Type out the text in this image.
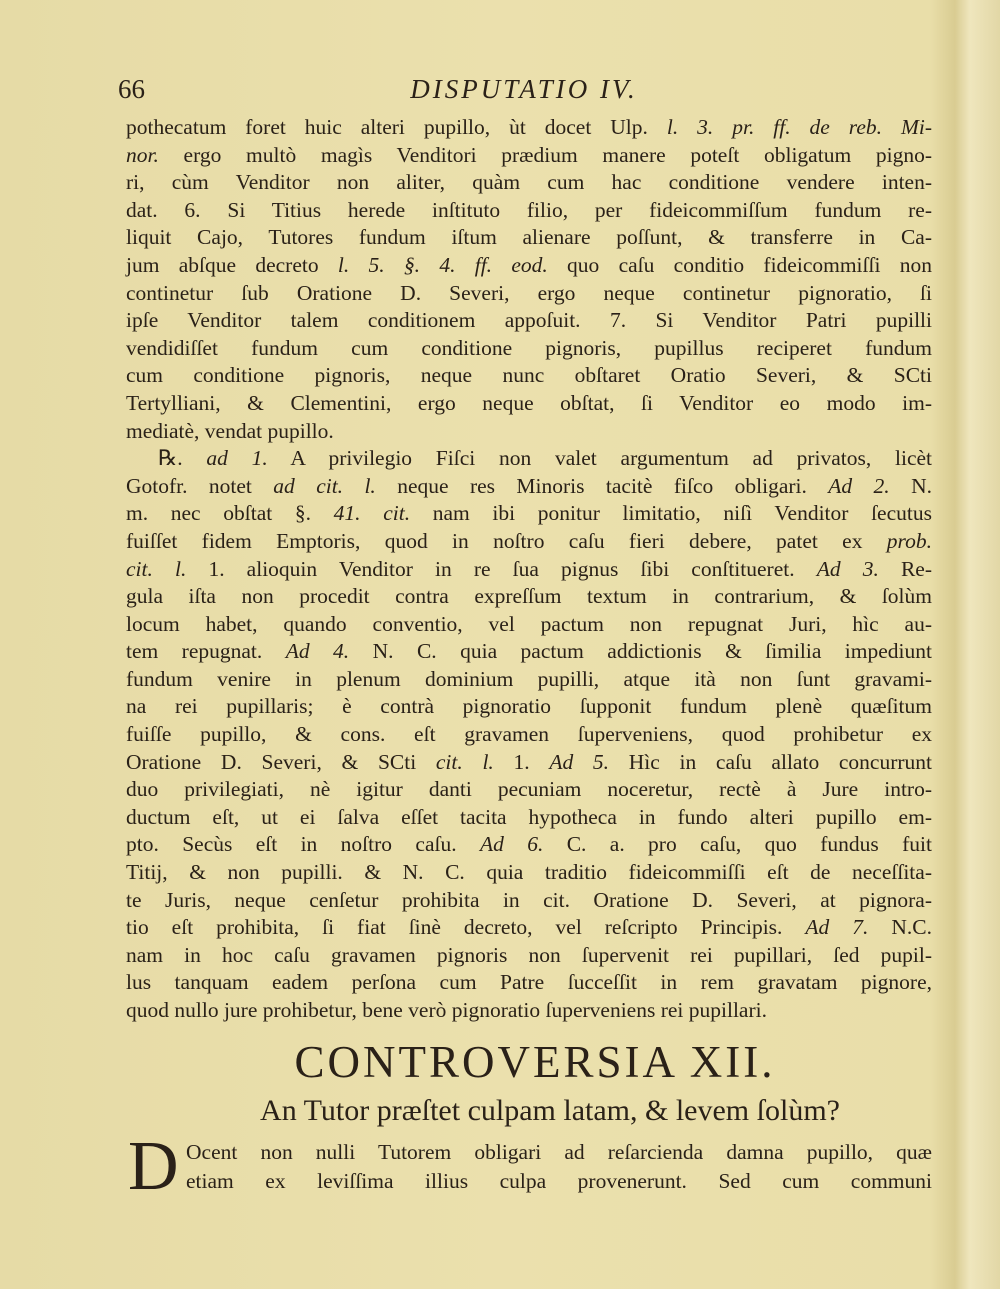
66	DISPUTATIO IV.
pothecatum foret huic alteri pupillo, ùt docet Ulp. l. 3. pr. ff. de reb. Mi-
nor. ergo multò magìs Venditori prædium manere poteſt obligatum pigno-
ri, cùm Venditor non aliter, quàm cum hac conditione vendere inten-
dat. 6. Si Titius herede inſtituto filio, per fideicommiſſum fundum re-
liquit Cajo, Tutores fundum iſtum alienare poſſunt, & transferre in Ca-
jum abſque decreto l. 5. §. 4. ff. eod. quo caſu conditio fideicommiſſi non
continetur ſub Oratione D. Severi, ergo neque continetur pignoratio, ſi
ipſe Venditor talem conditionem appoſuit. 7. Si Venditor Patri pupilli
vendidiſſet fundum cum conditione pignoris, pupillus reciperet fundum
cum conditione pignoris, neque nunc obſtaret Oratio Severi, & SCti
Tertylliani, & Clementini, ergo neque obſtat, ſi Venditor eo modo im-
mediatè, vendat pupillo.
℞. ad 1. A privilegio Fiſci non valet argumentum ad privatos, licèt
Gotofr. notet ad cit. l. neque res Minoris tacitè fiſco obligari. Ad 2. N.
m. nec obſtat §. 41. cit. nam ibi ponitur limitatio, niſì Venditor ſecutus
fuiſſet fidem Emptoris, quod in noſtro caſu fieri debere, patet ex prob.
cit. l. 1. alioquin Venditor in re ſua pignus ſibi conſtitueret. Ad 3. Re-
gula iſta non procedit contra expreſſum textum in contrarium, & ſolùm
locum habet, quando conventio, vel pactum non repugnat Juri, hìc au-
tem repugnat. Ad 4. N. C. quia pactum addictionis & ſimilia impediunt
fundum venire in plenum dominium pupilli, atque ità non ſunt gravami-
na rei pupillaris; è contrà pignoratio ſupponit fundum plenè quæſitum
fuiſſe pupillo, & cons. eſt gravamen ſuperveniens, quod prohibetur ex
Oratione D. Severi, & SCti cit. l. 1. Ad 5. Hìc in caſu allato concurrunt
duo privilegiati, nè igitur danti pecuniam noceretur, rectè à Jure intro-
ductum eſt, ut ei ſalva eſſet tacita hypotheca in fundo alteri pupillo em-
pto. Secùs eſt in noſtro caſu. Ad 6. C. a. pro caſu, quo fundus fuit
Titij, & non pupilli. & N. C. quia traditio fideicommiſſi eſt de neceſſita-
te Juris, neque cenſetur prohibita in cit. Oratione D. Severi, at pignora-
tio eſt prohibita, ſi fiat ſinè decreto, vel reſcripto Principis. Ad 7. N.C.
nam in hoc caſu gravamen pignoris non ſupervenit rei pupillari, ſed pupil-
lus tanquam eadem perſona cum Patre ſucceſſit in rem gravatam pignore,
quod nullo jure prohibetur, bene verò pignoratio ſuperveniens rei pupillari.
CONTROVERSIA XII.
An Tutor præſtet culpam latam, & levem ſolùm?
D Ocent non nulli Tutorem obligari ad reſarcienda damna pupillo, quæ
etiam ex leviſſima illius culpa provenerunt. Sed cum communi
